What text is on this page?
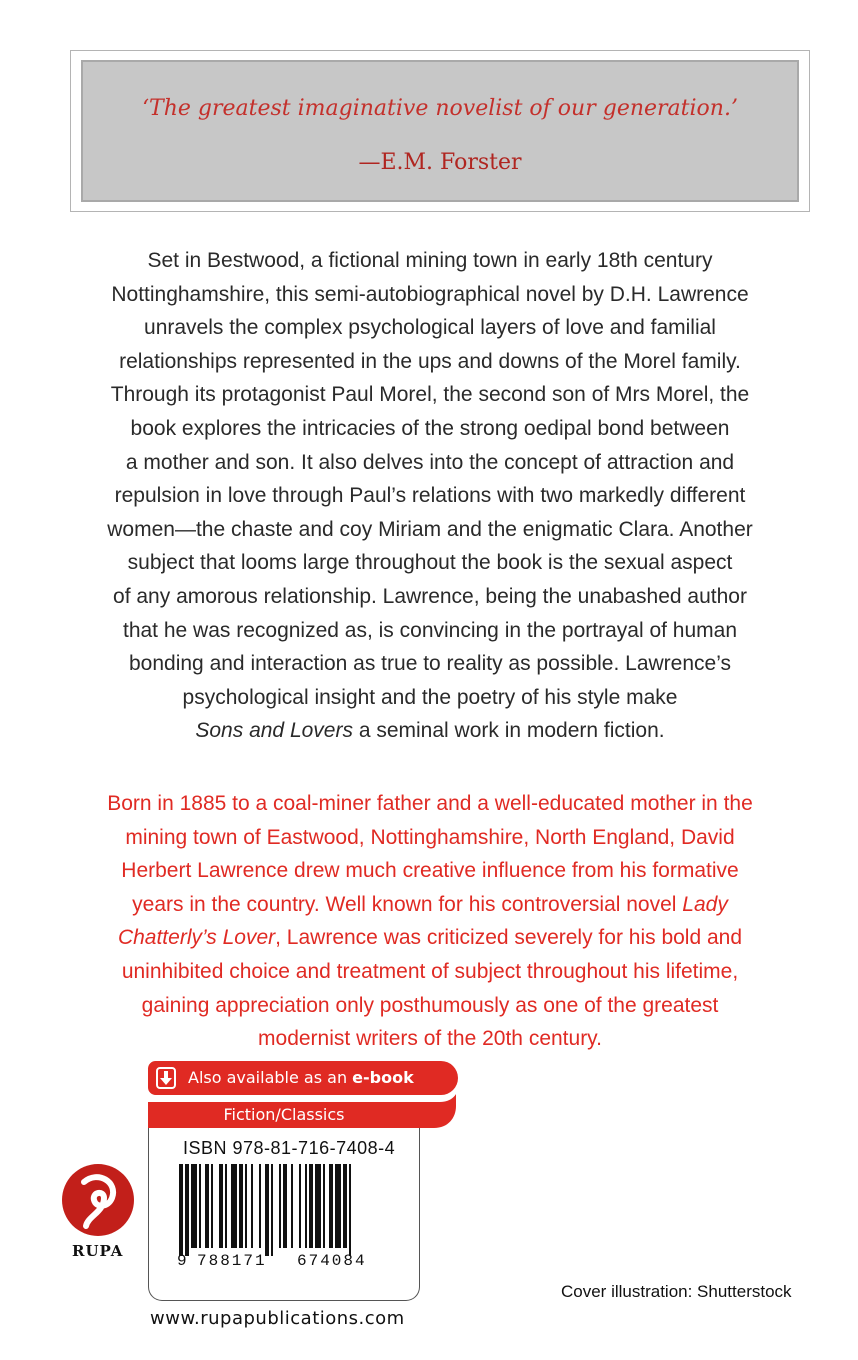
‘The greatest imaginative novelist of our generation.’
—E.M. Forster

Set in Bestwood, a fictional mining town in early 18th century
Nottinghamshire, this semi-autobiographical novel by D.H. Lawrence
unravels the complex psychological layers of love and familial
relationships represented in the ups and downs of the Morel family.
Through its protagonist Paul Morel, the second son of Mrs Morel, the
book explores the intricacies of the strong oedipal bond between
a mother and son. It also delves into the concept of attraction and
repulsion in love through Paul’s relations with two markedly different
women—the chaste and coy Miriam and the enigmatic Clara. Another
subject that looms large throughout the book is the sexual aspect
of any amorous relationship. Lawrence, being the unabashed author
that he was recognized as, is convincing in the portrayal of human
bonding and interaction as true to reality as possible. Lawrence’s
psychological insight and the poetry of his style make
Sons and Lovers a seminal work in modern fiction.

Born in 1885 to a coal-miner father and a well-educated mother in the
mining town of Eastwood, Nottinghamshire, North England, David
Herbert Lawrence drew much creative influence from his formative
years in the country. Well known for his controversial novel Lady
Chatterly’s Lover, Lawrence was criticized severely for his bold and
uninhibited choice and treatment of subject throughout his lifetime,
gaining appreciation only posthumously as one of the greatest
modernist writers of the 20th century.

Also available as an e-book
Fiction/Classics
ISBN 978-81-716-7408-4
9 788171 674084
RUPA
Cover illustration: Shutterstock
www.rupapublications.com
